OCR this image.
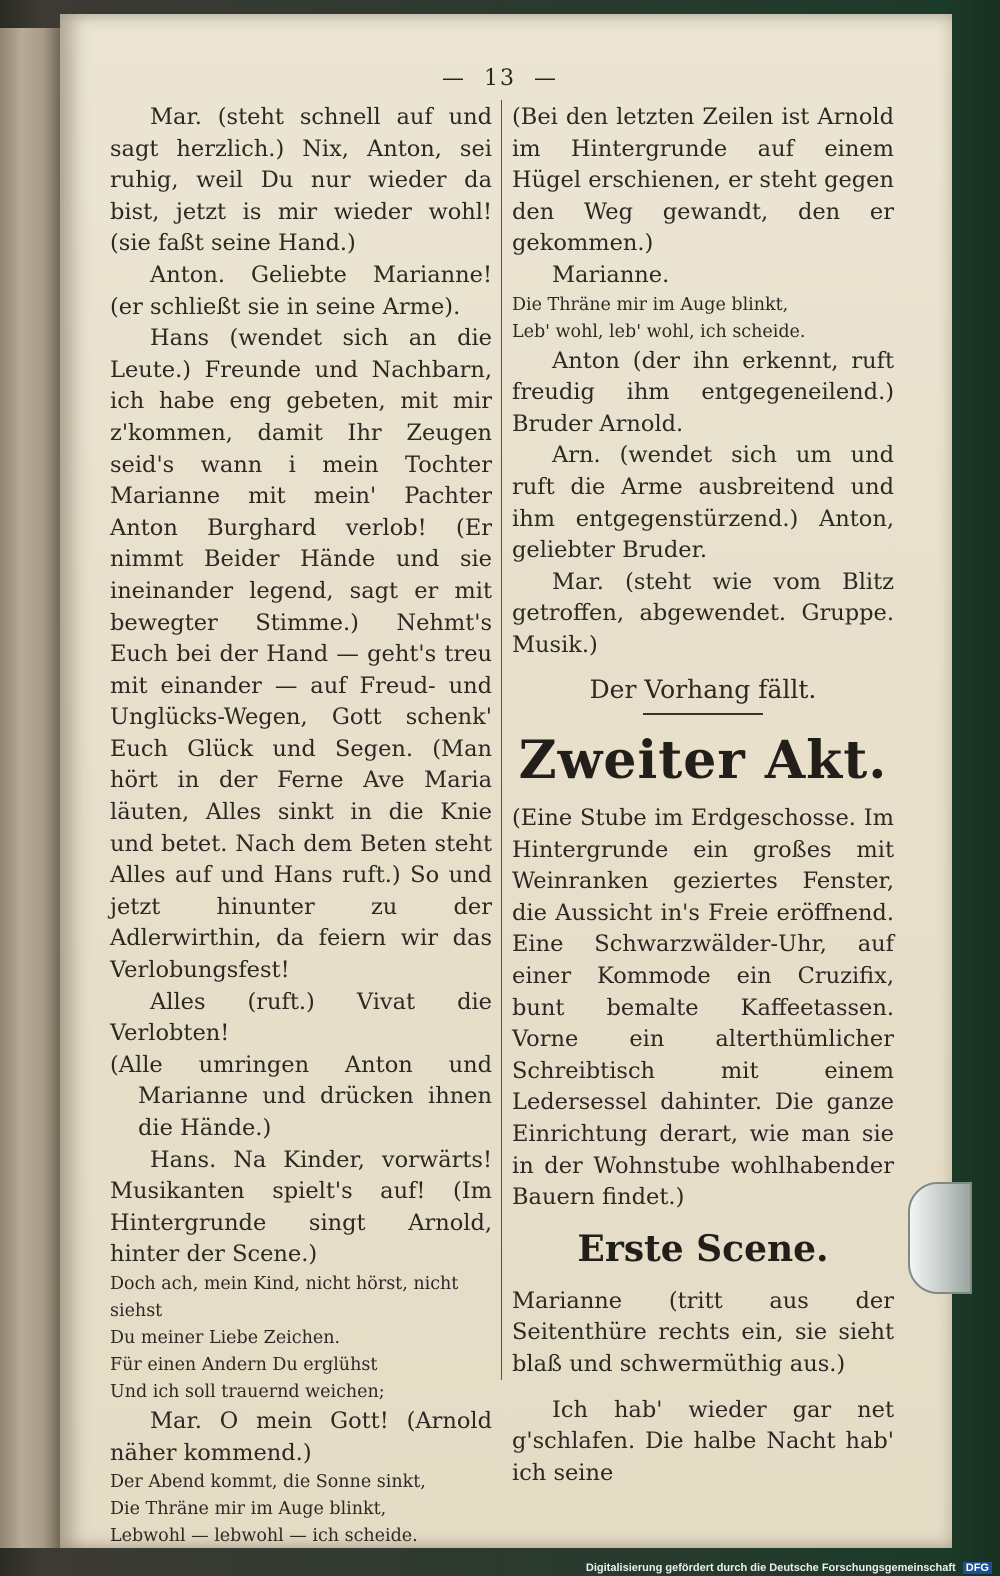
— 13 —

Mar. (steht schnell auf und sagt herzlich.) Nix, Anton, sei ruhig, weil Du nur wieder da bist, jetzt is mir wieder wohl! (sie faßt seine Hand.)

Anton. Geliebte Marianne! (er schließt sie in seine Arme).

Hans (wendet sich an die Leute.) Freunde und Nachbarn, ich habe eng gebeten, mit mir z'kommen, damit Ihr Zeugen seid's wann i mein Tochter Marianne mit mein' Pachter Anton Burghard verlob! (Er nimmt Beider Hände und sie ineinander legend, sagt er mit bewegter Stimme.) Nehmt's Euch bei der Hand — geht's treu mit einander — auf Freud- und Unglücks-Wegen, Gott schenk' Euch Glück und Segen. (Man hört in der Ferne Ave Maria läuten, Alles sinkt in die Knie und betet. Nach dem Beten steht Alles auf und Hans ruft.) So und jetzt hinunter zu der Adlerwirthin, da feiern wir das Verlobungsfest!

Alles (ruft.) Vivat die Verlobten!

(Alle umringen Anton und Marianne und drücken ihnen die Hände.)

Hans. Na Kinder, vorwärts! Musikanten spielt's auf! (Im Hintergrunde singt Arnold, hinter der Scene.)

Doch ach, mein Kind, nicht hörst, nicht siehst

Du meiner Liebe Zeichen.

Für einen Andern Du erglühst

Und ich soll trauernd weichen;

Mar. O mein Gott! (Arnold näher kommend.)

Der Abend kommt, die Sonne sinkt,

Die Thräne mir im Auge blinkt,

Lebwohl — lebwohl — ich scheide.

(Bei den letzten Zeilen ist Arnold im Hintergrunde auf einem Hügel erschienen, er steht gegen den Weg gewandt, den er gekommen.)

Marianne.

Die Thräne mir im Auge blinkt,

Leb' wohl, leb' wohl, ich scheide.

Anton (der ihn erkennt, ruft freudig ihm entgegeneilend.) Bruder Arnold.

Arn. (wendet sich um und ruft die Arme ausbreitend und ihm entgegenstürzend.) Anton, geliebter Bruder.

Mar. (steht wie vom Blitz getroffen, abgewendet. Gruppe. Musik.)

Der Vorhang fällt.

Zweiter Akt.

(Eine Stube im Erdgeschosse. Im Hintergrunde ein großes mit Weinranken geziertes Fenster, die Aussicht in's Freie eröffnend. Eine Schwarzwälder-Uhr, auf einer Kommode ein Cruzifix, bunt bemalte Kaffeetassen. Vorne ein alterthümlicher Schreibtisch mit einem Ledersessel dahinter. Die ganze Einrichtung derart, wie man sie in der Wohnstube wohlhabender Bauern findet.)

Erste Scene.

Marianne (tritt aus der Seitenthüre rechts ein, sie sieht blaß und schwermüthig aus.)

Ich hab' wieder gar net g'schlafen. Die halbe Nacht hab' ich seine

Digitalisierung gefördert durch die Deutsche Forschungsgemeinschaft DFG
